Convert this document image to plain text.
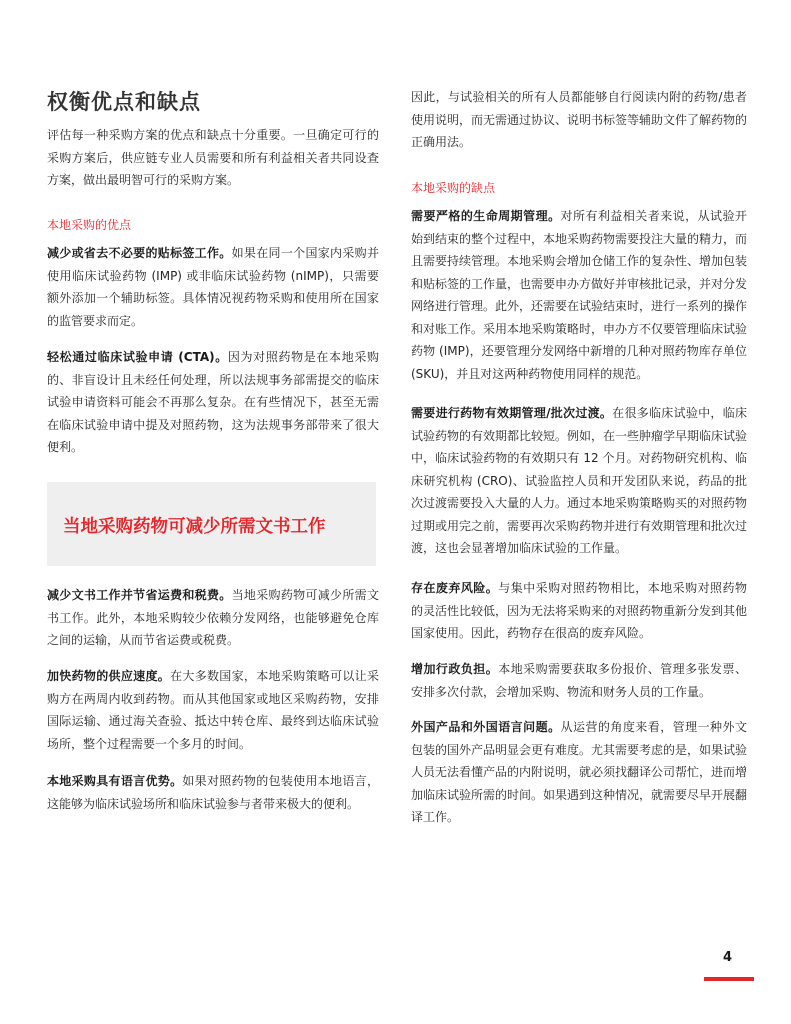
权衡优点和缺点

评估每一种采购方案的优点和缺点十分重要。一旦确定可行的采购方案后，供应链专业人员需要和所有利益相关者共同设查方案，做出最明智可行的采购方案。

本地采购的优点

减少或省去不必要的贴标签工作。如果在同一个国家内采购并使用临床试验药物 (IMP) 或非临床试验药物 (nIMP)，只需要额外添加一个辅助标签。具体情况视药物采购和使用所在国家的监管要求而定。

轻松通过临床试验申请 (CTA)。因为对照药物是在本地采购的、非盲设计且未经任何处理，所以法规事务部需提交的临床试验申请资料可能会不再那么复杂。在有些情况下，甚至无需在临床试验申请中提及对照药物，这为法规事务部带来了很大便利。

当地采购药物可减少所需文书工作

减少文书工作并节省运费和税费。当地采购药物可减少所需文书工作。此外，本地采购较少依赖分发网络，也能够避免仓库之间的运输，从而节省运费或税费。

加快药物的供应速度。在大多数国家，本地采购策略可以让采购方在两周内收到药物。而从其他国家或地区采购药物，安排国际运输、通过海关查验、抵达中转仓库、最终到达临床试验场所，整个过程需要一个多月的时间。

本地采购具有语言优势。如果对照药物的包装使用本地语言，这能够为临床试验场所和临床试验参与者带来极大的便利。

因此，与试验相关的所有人员都能够自行阅读内附的药物/患者使用说明，而无需通过协议、说明书标签等辅助文件了解药物的正确用法。

本地采购的缺点

需要严格的生命周期管理。对所有利益相关者来说，从试验开始到结束的整个过程中，本地采购药物需要投注大量的精力，而且需要持续管理。本地采购会增加仓储工作的复杂性、增加包装和贴标签的工作量，也需要申办方做好并审核批记录，并对分发网络进行管理。此外，还需要在试验结束时，进行一系列的操作和对账工作。采用本地采购策略时，申办方不仅要管理临床试验药物 (IMP)，还要管理分发网络中新增的几种对照药物库存单位 (SKU)，并且对这两种药物使用同样的规范。

需要进行药物有效期管理/批次过渡。在很多临床试验中，临床试验药物的有效期都比较短。例如，在一些肿瘤学早期临床试验中，临床试验药物的有效期只有 12 个月。对药物研究机构、临床研究机构 (CRO)、试验监控人员和开发团队来说，药品的批次过渡需要投入大量的人力。通过本地采购策略购买的对照药物过期或用完之前，需要再次采购药物并进行有效期管理和批次过渡，这也会显著增加临床试验的工作量。

存在废弃风险。与集中采购对照药物相比，本地采购对照药物的灵活性比较低，因为无法将采购来的对照药物重新分发到其他国家使用。因此，药物存在很高的废弃风险。

增加行政负担。本地采购需要获取多份报价、管理多张发票、安排多次付款，会增加采购、物流和财务人员的工作量。

外国产品和外国语言问题。从运营的角度来看，管理一种外文包装的国外产品明显会更有难度。尤其需要考虑的是，如果试验人员无法看懂产品的内附说明，就必须找翻译公司帮忙，进而增加临床试验所需的时间。如果遇到这种情况，就需要尽早开展翻译工作。

4
